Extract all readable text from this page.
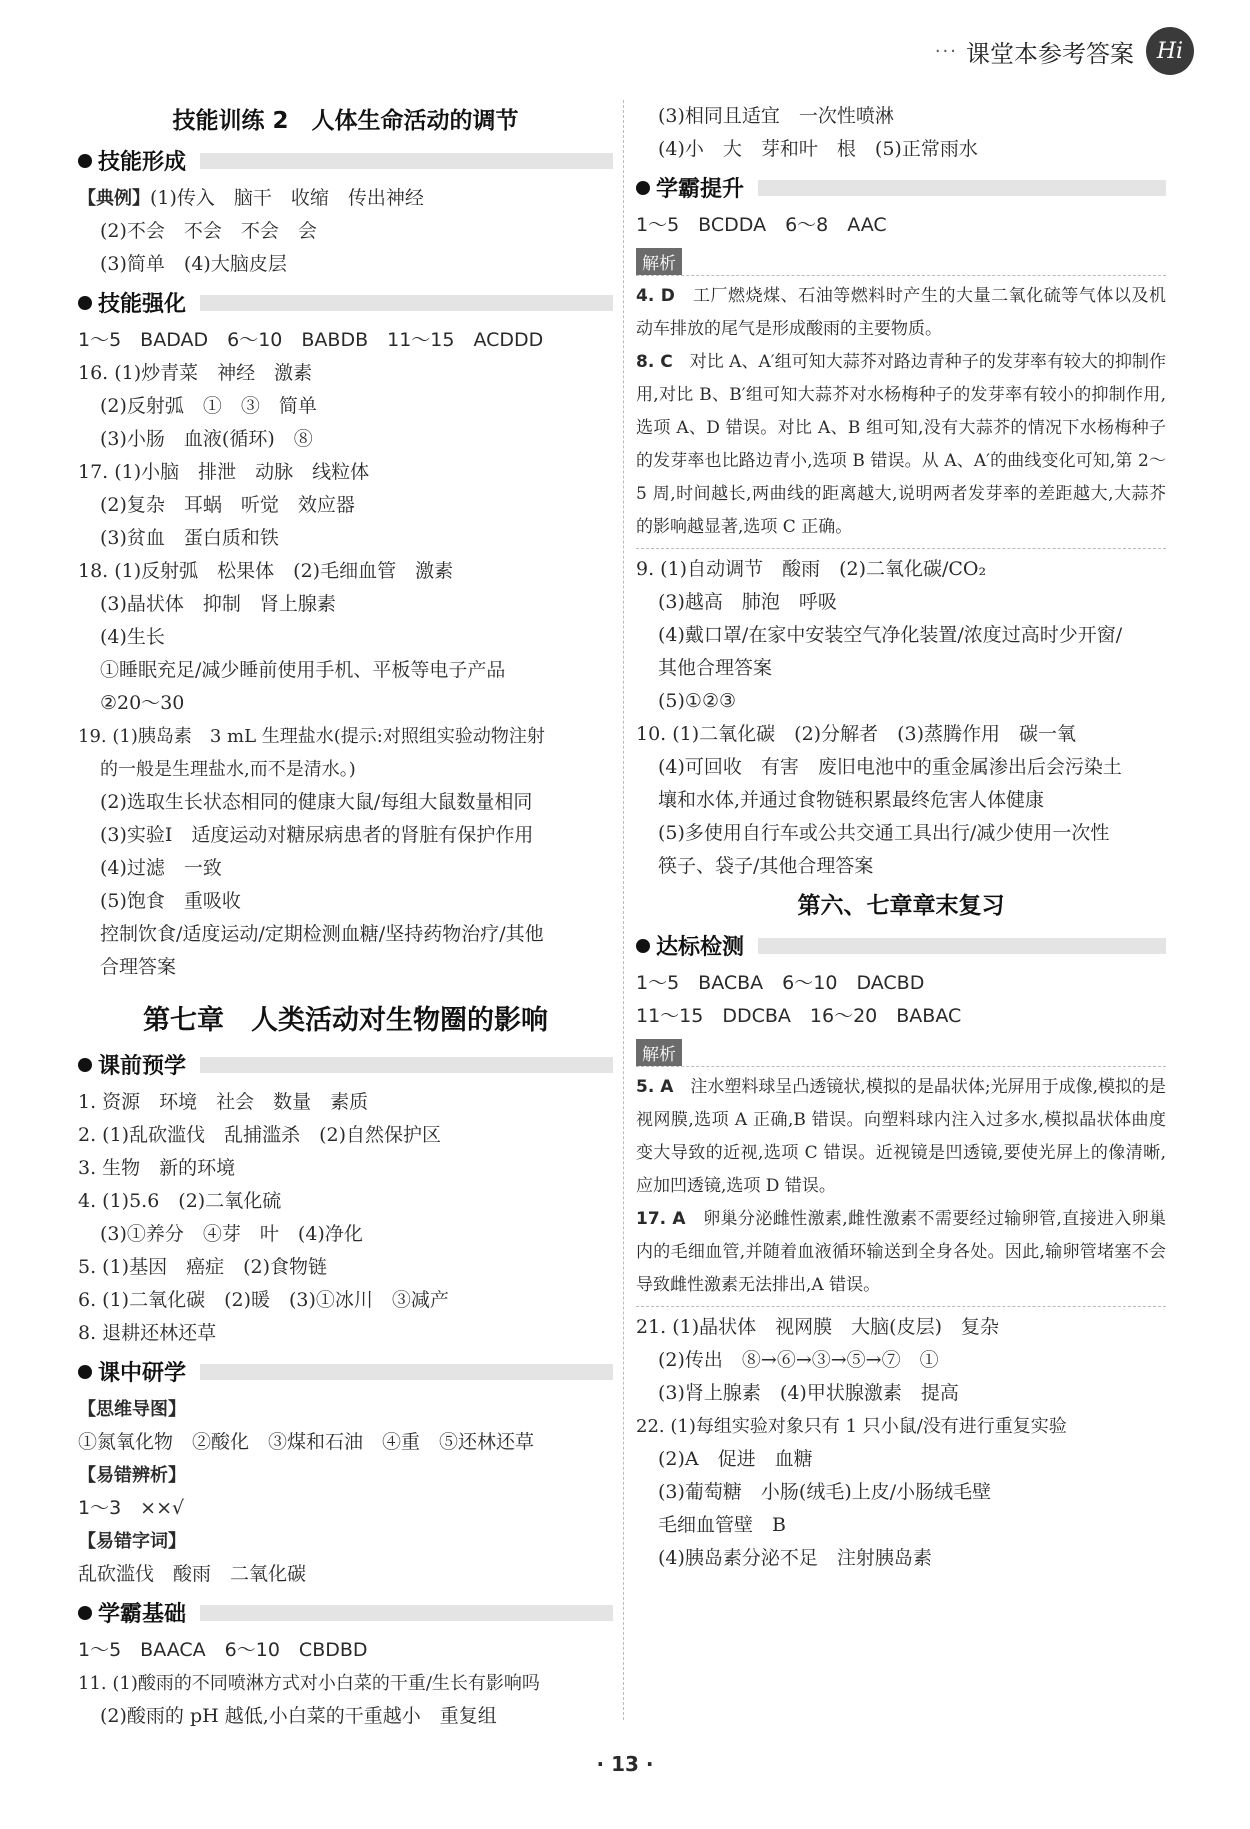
··· 课堂本参考答案 Hi
技能训练 2　人体生命活动的调节
技能形成
【典例】(1)传入　脑干　收缩　传出神经
(2)不会　不会　不会　会
(3)简单　(4)大脑皮层
技能强化
1～5　BADAD　6～10　BABDB　11～15　ACDDD
16. (1)炒青菜　神经　激素
(2)反射弧　①　③　简单
(3)小肠　血液(循环)　⑧
17. (1)小脑　排泄　动脉　线粒体
(2)复杂　耳蜗　听觉　效应器
(3)贫血　蛋白质和铁
18. (1)反射弧　松果体　(2)毛细血管　激素
(3)晶状体　抑制　肾上腺素
(4)生长
①睡眠充足/减少睡前使用手机、平板等电子产品
②20～30
19. (1)胰岛素　3 mL 生理盐水(提示:对照组实验动物注射
的一般是生理盐水,而不是清水。)
(2)选取生长状态相同的健康大鼠/每组大鼠数量相同
(3)实验Ⅰ　适度运动对糖尿病患者的肾脏有保护作用
(4)过滤　一致
(5)饱食　重吸收
控制饮食/适度运动/定期检测血糖/坚持药物治疗/其他
合理答案
第七章　人类活动对生物圈的影响
课前预学
1. 资源　环境　社会　数量　素质
2. (1)乱砍滥伐　乱捕滥杀　(2)自然保护区
3. 生物　新的环境
4. (1)5.6　(2)二氧化硫
(3)①养分　④芽　叶　(4)净化
5. (1)基因　癌症　(2)食物链
6. (1)二氧化碳　(2)暖　(3)①冰川　③减产
8. 退耕还林还草
课中研学
【思维导图】
①氮氧化物　②酸化　③煤和石油　④重　⑤还林还草
【易错辨析】
1～3　××√
【易错字词】
乱砍滥伐　酸雨　二氧化碳
学霸基础
1～5　BAACA　6～10　CBDBD
11. (1)酸雨的不同喷淋方式对小白菜的干重/生长有影响吗
(2)酸雨的 pH 越低,小白菜的干重越小　重复组
(3)相同且适宜　一次性喷淋
(4)小　大　芽和叶　根　(5)正常雨水
学霸提升
1～5　BCDDA　6～8　AAC
解析
4. D　 工厂燃烧煤、石油等燃料时产生的大量二氧化硫等气体以及机动车排放的尾气是形成酸雨的主要物质。
8. C　 对比 A、A′组可知大蒜芥对路边青种子的发芽率有较大的抑制作用,对比 B、B′组可知大蒜芥对水杨梅种子的发芽率有较小的抑制作用,选项 A、D 错误。对比 A、B 组可知,没有大蒜芥的情况下水杨梅种子的发芽率也比路边青小,选项 B 错误。从 A、A′的曲线变化可知,第 2～5 周,时间越长,两曲线的距离越大,说明两者发芽率的差距越大,大蒜芥的影响越显著,选项 C 正确。
9. (1)自动调节　酸雨　(2)二氧化碳/CO₂
(3)越高　肺泡　呼吸
(4)戴口罩/在家中安装空气净化装置/浓度过高时少开窗/
其他合理答案
(5)①②③
10. (1)二氧化碳　(2)分解者　(3)蒸腾作用　碳一氧
(4)可回收　有害　废旧电池中的重金属渗出后会污染土
壤和水体,并通过食物链积累最终危害人体健康
(5)多使用自行车或公共交通工具出行/减少使用一次性
筷子、袋子/其他合理答案
第六、七章章末复习
达标检测
1～5　BACBA　6～10　DACBD
11～15　DDCBA　16～20　BABAC
解析
5. A　 注水塑料球呈凸透镜状,模拟的是晶状体;光屏用于成像,模拟的是视网膜,选项 A 正确,B 错误。向塑料球内注入过多水,模拟晶状体曲度变大导致的近视,选项 C 错误。近视镜是凹透镜,要使光屏上的像清晰,应加凹透镜,选项 D 错误。
17. A　 卵巢分泌雌性激素,雌性激素不需要经过输卵管,直接进入卵巢内的毛细血管,并随着血液循环输送到全身各处。因此,输卵管堵塞不会导致雌性激素无法排出,A 错误。
21. (1)晶状体　视网膜　大脑(皮层)　复杂
(2)传出　⑧→⑥→③→⑤→⑦　①
(3)肾上腺素　(4)甲状腺激素　提高
22. (1)每组实验对象只有 1 只小鼠/没有进行重复实验
(2)A　促进　血糖
(3)葡萄糖　小肠(绒毛)上皮/小肠绒毛壁
毛细血管壁　B
(4)胰岛素分泌不足　注射胰岛素
· 13 ·
